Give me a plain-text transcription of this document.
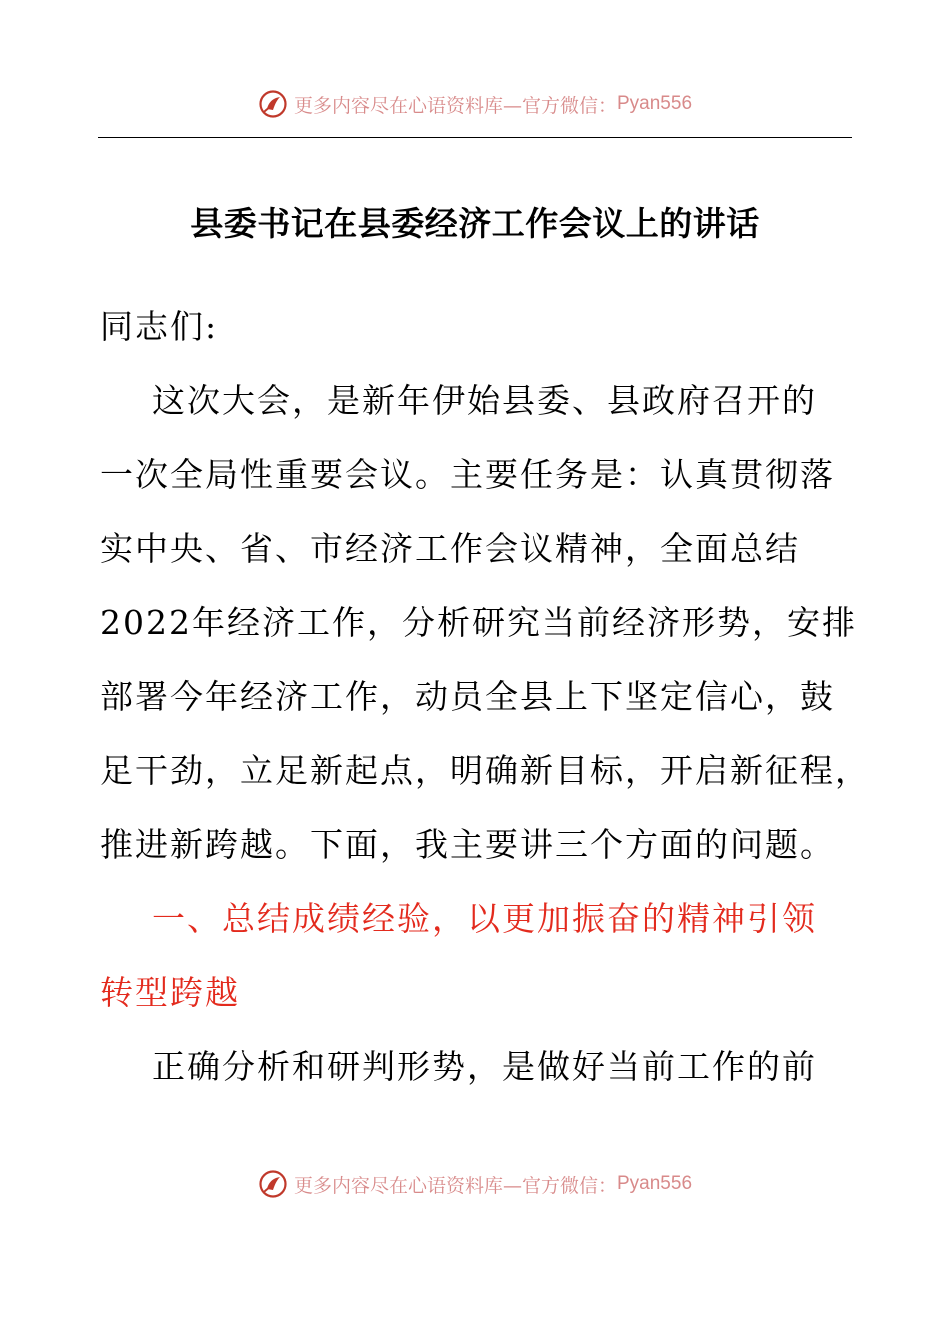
更多内容尽在心语资料库—官方微信： Pyan556
县委书记在县委经济工作会议上的讲话

同志们:

这次大会，是新年伊始县委、县政府召开的

一次全局性重要会议。主要任务是：认真贯彻落

实中央、省、市经济工作会议精神，全面总结

2022年经济工作，分析研究当前经济形势，安排

部署今年经济工作，动员全县上下坚定信心，鼓

足干劲，立足新起点，明确新目标，开启新征程，

推进新跨越。下面，我主要讲三个方面的问题。

一、总结成绩经验，以更加振奋的精神引领

转型跨越

正确分析和研判形势，是做好当前工作的前

更多内容尽在心语资料库—官方微信： Pyan556
